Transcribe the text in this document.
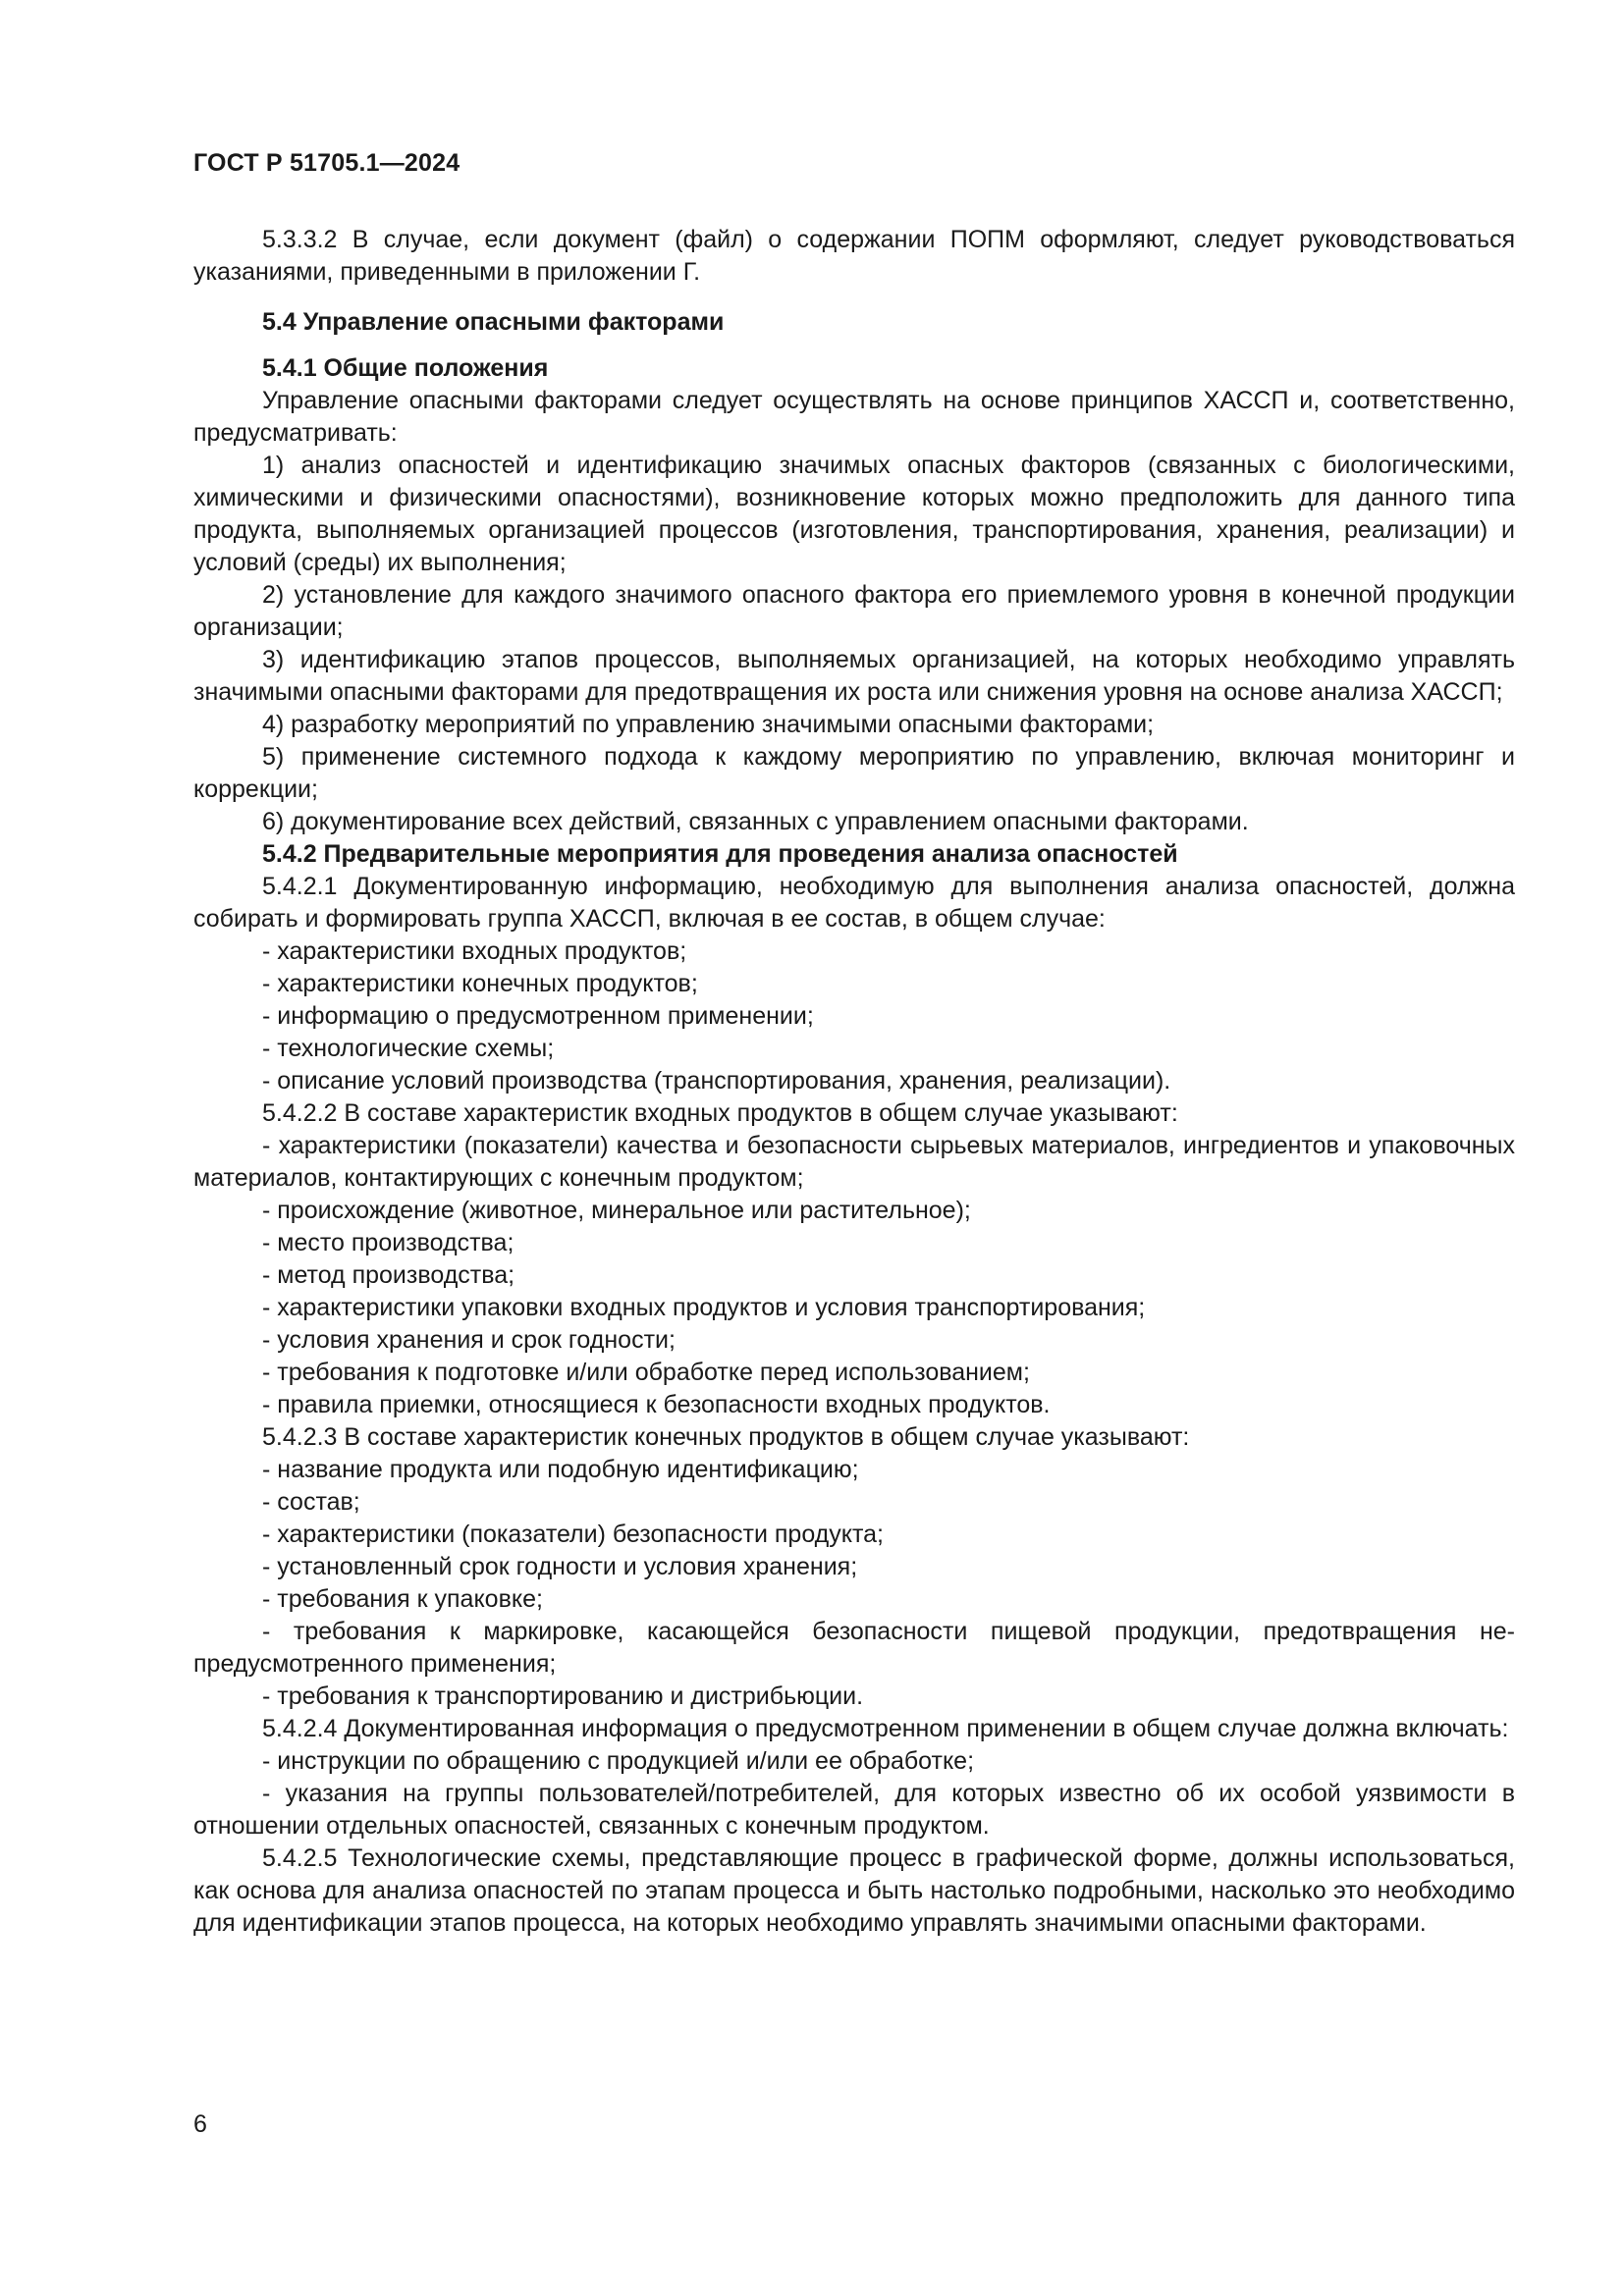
ГОСТ Р 51705.1—2024

5.3.3.2 В случае, если документ (файл) о содержании ПОПМ оформляют, следует руководствоваться указаниями, приведенными в приложении Г.

5.4 Управление опасными факторами

5.4.1 Общие положения

Управление опасными факторами следует осуществлять на основе принципов ХАССП и, соответственно, предусматривать:

1) анализ опасностей и идентификацию значимых опасных факторов (связанных с биологическими, химическими и физическими опасностями), возникновение которых можно предположить для данного типа продукта, выполняемых организацией процессов (изготовления, транспортирования, хранения, реализации) и условий (среды) их выполнения;

2) установление для каждого значимого опасного фактора его приемлемого уровня в конечной продукции организации;

3) идентификацию этапов процессов, выполняемых организацией, на которых необходимо управлять значимыми опасными факторами для предотвращения их роста или снижения уровня на основе анализа ХАССП;

4) разработку мероприятий по управлению значимыми опасными факторами;

5) применение системного подхода к каждому мероприятию по управлению, включая мониторинг и коррекции;

6) документирование всех действий, связанных с управлением опасными факторами.

5.4.2 Предварительные мероприятия для проведения анализа опасностей

5.4.2.1 Документированную информацию, необходимую для выполнения анализа опасностей, должна собирать и формировать группа ХАССП, включая в ее состав, в общем случае:

- характеристики входных продуктов;

- характеристики конечных продуктов;

- информацию о предусмотренном применении;

- технологические схемы;

- описание условий производства (транспортирования, хранения, реализации).

5.4.2.2 В составе характеристик входных продуктов в общем случае указывают:

- характеристики (показатели) качества и безопасности сырьевых материалов, ингредиентов и упаковочных материалов, контактирующих с конечным продуктом;

- происхождение (животное, минеральное или растительное);

- место производства;

- метод производства;

- характеристики упаковки входных продуктов и условия транспортирования;

- условия хранения и срок годности;

- требования к подготовке и/или обработке перед использованием;

- правила приемки, относящиеся к безопасности входных продуктов.

5.4.2.3 В составе характеристик конечных продуктов в общем случае указывают:

- название продукта или подобную идентификацию;

- состав;

- характеристики (показатели) безопасности продукта;

- установленный срок годности и условия хранения;

- требования к упаковке;

- требования к маркировке, касающейся безопасности пищевой продукции, предотвращения непредусмотренного применения;

- требования к транспортированию и дистрибьюции.

5.4.2.4 Документированная информация о предусмотренном применении в общем случае должна включать:

- инструкции по обращению с продукцией и/или ее обработке;

- указания на группы пользователей/потребителей, для которых известно об их особой уязвимости в отношении отдельных опасностей, связанных с конечным продуктом.

5.4.2.5 Технологические схемы, представляющие процесс в графической форме, должны использоваться, как основа для анализа опасностей по этапам процесса и быть настолько подробными, насколько это необходимо для идентификации этапов процесса, на которых необходимо управлять значимыми опасными факторами.

6
